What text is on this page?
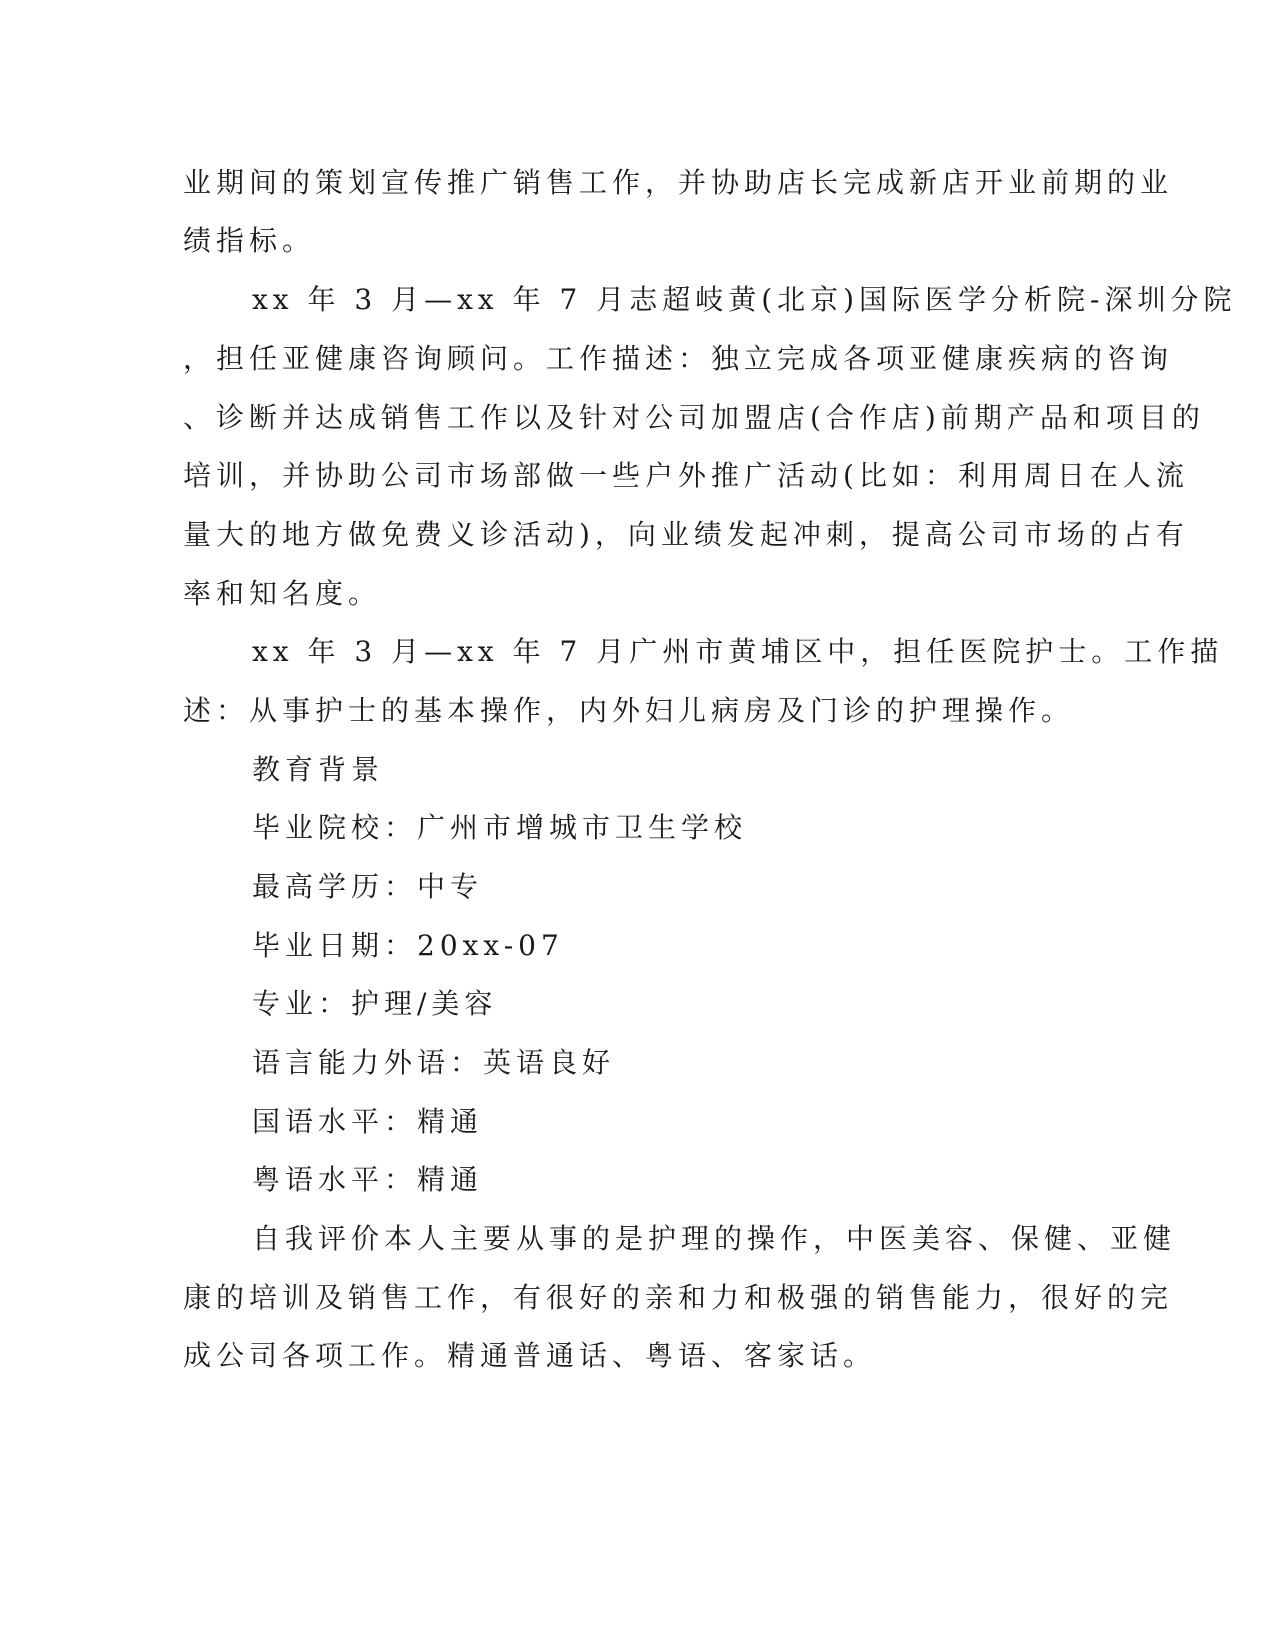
业期间的策划宣传推广销售工作，并协助店长完成新店开业前期的业

绩指标。

xx 年 3 月—xx 年 7 月志超岐黄(北京)国际医学分析院-深圳分院

，担任亚健康咨询顾问。工作描述：独立完成各项亚健康疾病的咨询

、诊断并达成销售工作以及针对公司加盟店(合作店)前期产品和项目的

培训，并协助公司市场部做一些户外推广活动(比如：利用周日在人流

量大的地方做免费义诊活动)，向业绩发起冲刺，提高公司市场的占有

率和知名度。

xx 年 3 月—xx 年 7 月广州市黄埔区中，担任医院护士。工作描

述：从事护士的基本操作，内外妇儿病房及门诊的护理操作。

教育背景

毕业院校：广州市增城市卫生学校

最高学历：中专

毕业日期：20xx-07

专业：护理/美容

语言能力外语：英语良好

国语水平：精通

粤语水平：精通

自我评价本人主要从事的是护理的操作，中医美容、保健、亚健

康的培训及销售工作，有很好的亲和力和极强的销售能力，很好的完

成公司各项工作。精通普通话、粤语、客家话。
